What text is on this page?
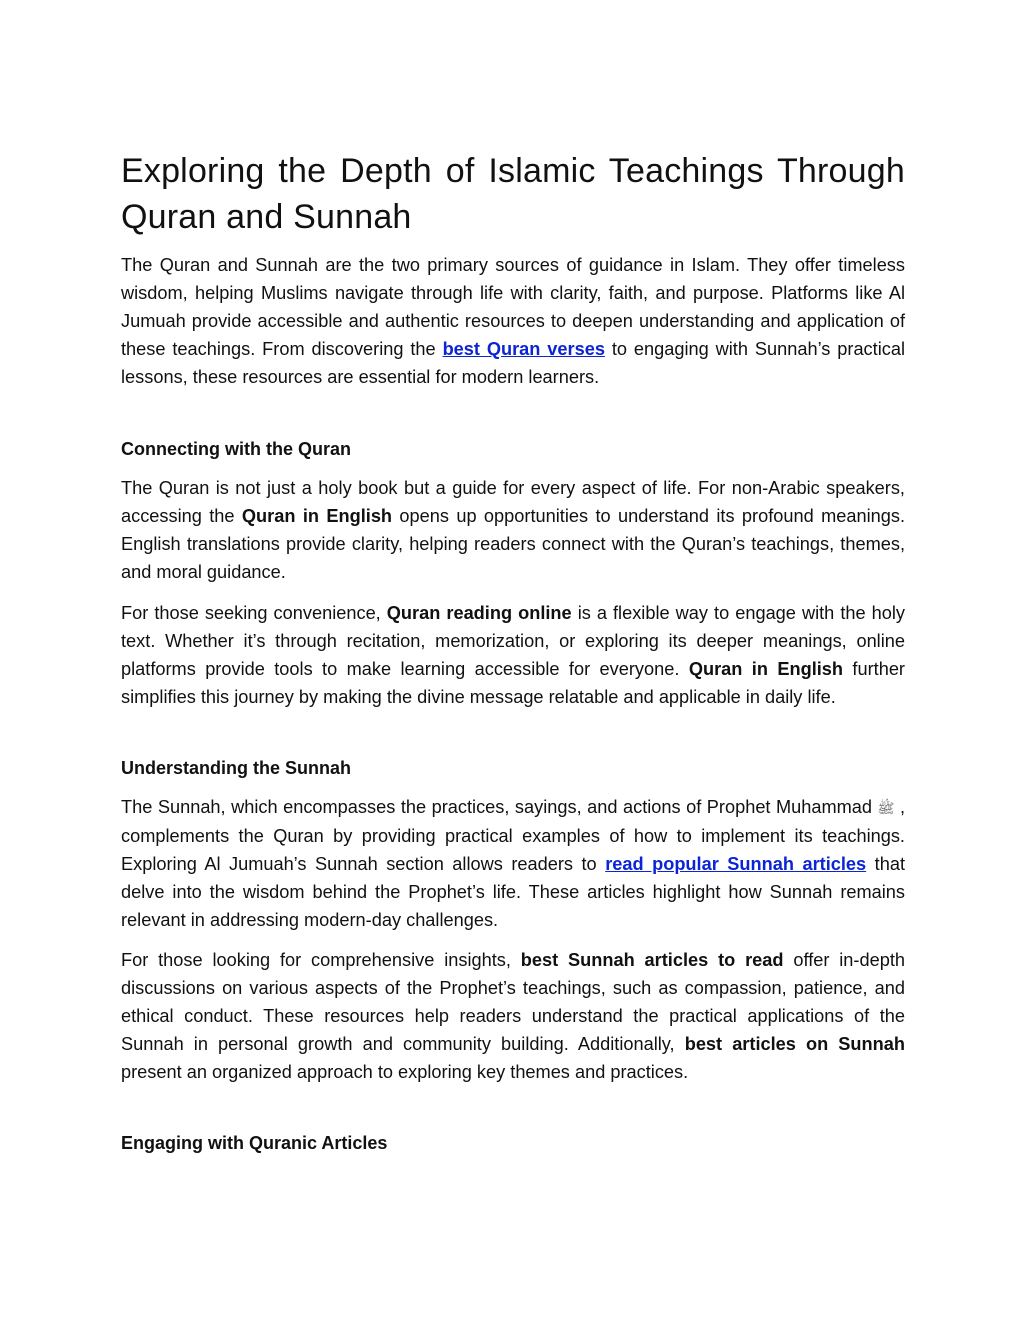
Exploring the Depth of Islamic Teachings Through Quran and Sunnah

The Quran and Sunnah are the two primary sources of guidance in Islam. They offer timeless wisdom, helping Muslims navigate through life with clarity, faith, and purpose. Platforms like Al Jumuah provide accessible and authentic resources to deepen understanding and application of these teachings. From discovering the best Quran verses to engaging with Sunnah’s practical lessons, these resources are essential for modern learners.

Connecting with the Quran

The Quran is not just a holy book but a guide for every aspect of life. For non-Arabic speakers, accessing the Quran in English opens up opportunities to understand its profound meanings. English translations provide clarity, helping readers connect with the Quran’s teachings, themes, and moral guidance.

For those seeking convenience, Quran reading online is a flexible way to engage with the holy text. Whether it’s through recitation, memorization, or exploring its deeper meanings, online platforms provide tools to make learning accessible for everyone. Quran in English further simplifies this journey by making the divine message relatable and applicable in daily life.

Understanding the Sunnah

The Sunnah, which encompasses the practices, sayings, and actions of Prophet Muhammad ﷺ , complements the Quran by providing practical examples of how to implement its teachings. Exploring Al Jumuah’s Sunnah section allows readers to read popular Sunnah articles that delve into the wisdom behind the Prophet’s life. These articles highlight how Sunnah remains relevant in addressing modern-day challenges.

For those looking for comprehensive insights, best Sunnah articles to read offer in-depth discussions on various aspects of the Prophet’s teachings, such as compassion, patience, and ethical conduct. These resources help readers understand the practical applications of the Sunnah in personal growth and community building. Additionally, best articles on Sunnah present an organized approach to exploring key themes and practices.

Engaging with Quranic Articles
